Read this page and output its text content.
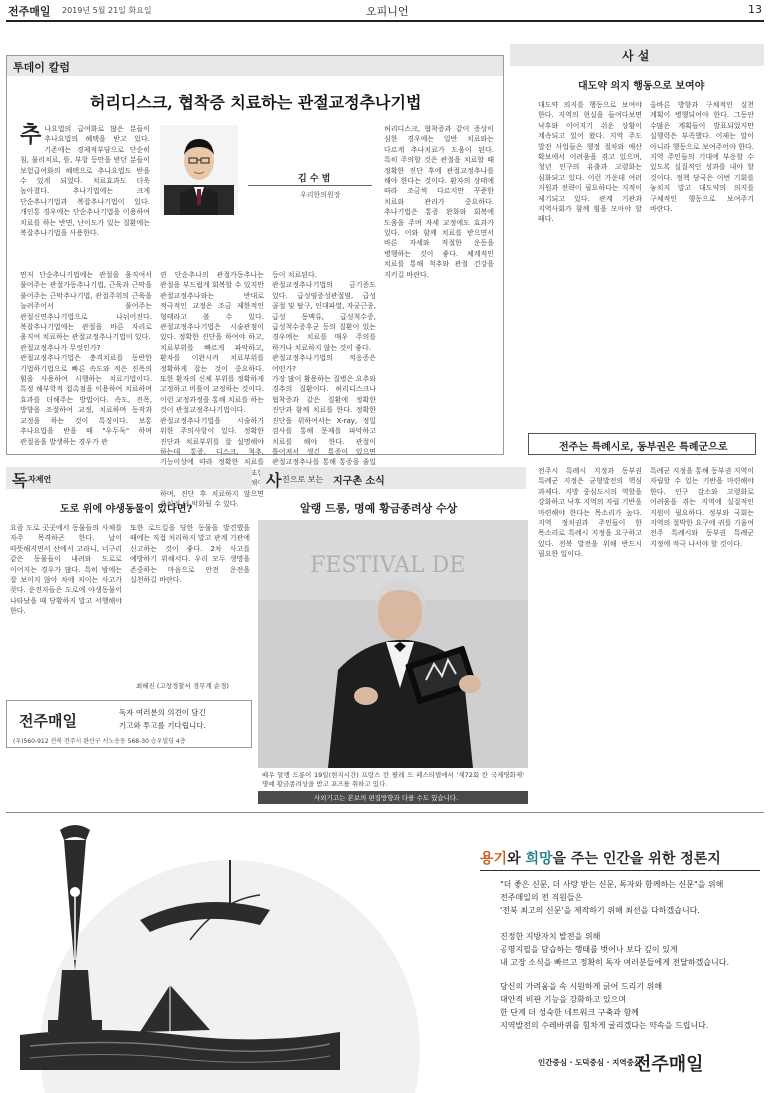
전주매일 2019년 5월 21일 화요일	오피니언	13
투데이 칼럼
허리디스크, 협착증 치료하는 관절교정추나기법
추 나요법의 급여화로 많은 분들이 추나요법의 혜택을 받고 있다. 기존에는 경제적부담으로 단순히 침, 물리치료, 뜸, 부항 등만을 받던 분들이 보험급여화의 혜택으로 추나요법도 받을 수 있게 되었다. 치료효과도 더욱 높아졌다. 추나기법에는 크게 단순추나기법과 복잡추나기법이 있다. 개인통 경우에는 단순추나기법을 이용하여 치료를 하는 반면, 난이도가 있는 질환에는 복잡추나기법을 사용한다.
김 수 범
우리한의원장
먼저 단순추나기법에는 관절을 움직여서 풀어주는 관절가동추나기법, 근육과 근막을 풀어주는 근막추나기법, 관절주위의 근육을 늘려주어서 풀어주는 관절신연추나기법으로 나뉘어진다. 복잡추나기법에는 관절을 바른 자리로 움직여 치료하는 관절교정추나기법이 있다.
관절교정추나가 무엇인가?
관절교정추나기법은 충격치료를 동반한 기법하기법으로 빠른 속도와 적은 진폭의 힘을 사용하여 시행하는 치료기법이다. 특정 해부학적 접촉점을 이용하여 치료하며 효과를 더해주는 방법이다. 속도, 진폭, 방향을 조절하여 교정, 치료하며 동작과 교정을 하는 것이 특징이다. 보통 추나요법을 받을 때 "우두둑" 하며 관절음을 발생하는 경우가 관
련 단순추나의 관절가동추나는 관절을 부드럽게 회복할 수 있지만 관절교정추나와는 반대로 적극적인 교정은 조금 제한적인 형태라고 볼 수 있다. 관절교정추나기법은 시술관점이 있다. 정확한 진단을 하여야 하고, 치료부위를 빠르게 파악하고, 환자를 이완시켜 치료부위를 정확하게 잡는 것이 중요하다. 또한 환자의 신체 부위를 정확하게 고정하고 비틀어 교정하는 것이다. 이런 교정과정을 통해 치료를 하는 것이 관절교정추나기법이다.
관절교정추나기법을 시술하기 위한 주의사항이 있다. 정확한 진단과 치료부위를 잘 설명해야 하는데 통증, 디스크, 척추, 기능이상에 따라 정확한 치료를 또한 하며, 진단 후 치료하지 않으면 오히려 더 악화될 수 있다.
등이 치료된다.
관절교정추나기법의 금기증도 있다. 급성염증성관절염, 급성 골절 및 탈구, 인대파열, 자궁근종, 급성 동맥류, 급성척수증, 급성척수증후군 등의 질환이 있는 경우에는 치료를 매우 주의를 하거나 치료하지 않는 것이 좋다.
관절교정추나기법의 적응증은 어떤가?
가장 많이 활용하는 질병은 요추와 경추의 질환이다. 허리디스크나 협착증과 같은 질환에 정확한 진단과 함께 치료를 한다. 정확한 진단을 위하여서는 X-ray, 정밀 검사를 통해 문제를 파악하고 치료를 해야 한다. 관절이 틀어져서 생긴 통증이 있으면 관절교정추나를 통해 통증을 줄일
허리디스크, 협착증과 같이 증상이 심한 경우에는 일반 치료와는 다르게 추나치료가 도움이 된다. 특히 주의할 것은 관절을 치료할 때 정확한 진단 후에 관절교정추나를 해야 한다는 것이다. 환자의 상태에 따라 조금씩 다르지만 꾸준한 치료와 관리가 중요하다. 추나기법은 통증 완화와 회복에 도움을 주며 자세 교정에도 효과가 있다. 이와 함께 치료를 받으면서 바른 자세와 적절한 운동을 병행하는 것이 좋다. 체계적인 치료를 통해 척추와 관절 건강을 지키길 바란다.
사 설
대도약 의지 행동으로 보여야
대도약 의지를 행동으로 보여야 한다. 지역의 현실을 들여다보면 낙후와 이어지기 쉬운 상황이 계속되고 있어 왔다. 지역 주도 발전 사업들은 행정 절차와 예산 확보에서 어려움을 겪고 있으며, 청년 인구의 유출과 고령화는 심화되고 있다. 이런 가운데 여러 지원과 전략이 필요하다는 지적이 제기되고 있다. 관계 기관과 지역사회가 함께 힘을 모아야 할 때다.
올바른 방향과 구체적인 실천 계획이 병행되어야 한다. 그동안 수많은 계획들이 발표되었지만 실행력은 부족했다. 이제는 말이 아니라 행동으로 보여주어야 한다. 지역 주민들의 기대에 부응할 수 있도록 실질적인 성과를 내야 할 것이다. 정책 당국은 이번 기회를 놓치지 말고 대도약의 의지를 구체적인 행동으로 보여주기 바란다.
전주는 특례시로, 동부권은 특례군으로
전주시 특례시 지정과 동부권 특례군 지정은 균형발전의 핵심 과제다. 지방 중심도시의 역할을 강화하고 낙후 지역의 자립 기반을 마련해야 한다는 목소리가 높다. 지역 정치권과 주민들이 한 목소리로 특례시 지정을 요구하고 있다. 전북 발전을 위해 반드시 필요한 일이다.
특례군 지정을 통해 동부권 지역이 자립할 수 있는 기반을 마련해야 한다. 인구 감소와 고령화로 어려움을 겪는 지역에 실질적인 지원이 필요하다. 정부와 국회는 지역의 절박한 요구에 귀를 기울여 전주 특례시와 동부권 특례군 지정에 적극 나서야 할 것이다.
독 자제언
도로 위에 야생동물이 있다면?
요즘 도로 곳곳에서 동물들의 사체를 자주 목격하곤 한다. 날이 따뜻해지면서 산에서 고라니, 너구리 같은 동물들이 내려와 도로로 이어지는 경우가 많다. 특히 밤에는 잘 보이지 않아 차에 치이는 사고가 잦다. 운전자들은 도로에 야생동물이 나타났을 때 당황하지 말고 서행해야 한다.
또한 로드킬을 당한 동물을 발견했을 때에는 직접 처리하지 말고 관계 기관에 신고하는 것이 좋다. 2차 사고를 예방하기 위해서다. 우리 모두 생명을 존중하는 마음으로 안전 운전을 실천하길 바란다.
최혜진 (고창경찰서 경무계 순경)
전주매일	독자 여러분의 의견이 담긴
기고와 투고를 기다립니다.
(우)560-912 전북 전주시 완산구 서노송동 568-30 승우빌딩 4층
사 진으로 보는 지구촌 소식
알랭 드롱, 명예 황금종려상 수상
FESTIVAL DE
배우 알랭 드롱이 19일(현지시간) 프랑스 칸 팔레 드 페스티벌에서 '제72회 칸 국제영화제' 명예 황금종려상을 받고 포즈를 취하고 있다.
사외기고는 본보의 편집방향과 다를 수도 있습니다.
용기와 희망을 주는 인간을 위한 정론지
"더 좋은 신문, 더 사랑 받는 신문, 독자와 함께하는 신문"을 위해
전주매일의 전 직원들은
'전북 최고의 신문'을 제작하기 위해 최선을 다하겠습니다.
진정한 지방자치 발전을 위해
공명지필을 담습하는 행태를 벗어나 보다 깊이 있게
내 고장 소식을 빠르고 정확히 독자 여러분들에게 전달하겠습니다.
당신의 가려움을 속 시원하게 긁어 드리기 위해
대안적 비판 기능을 강화하고 있으며
한 단계 더 성숙한 네트워크 구축과 함께
지역발전의 수레바퀴를 힘차게 굴리겠다는 약속을 드립니다.
인간중심 · 도덕중심 · 지역중심
전주매일
